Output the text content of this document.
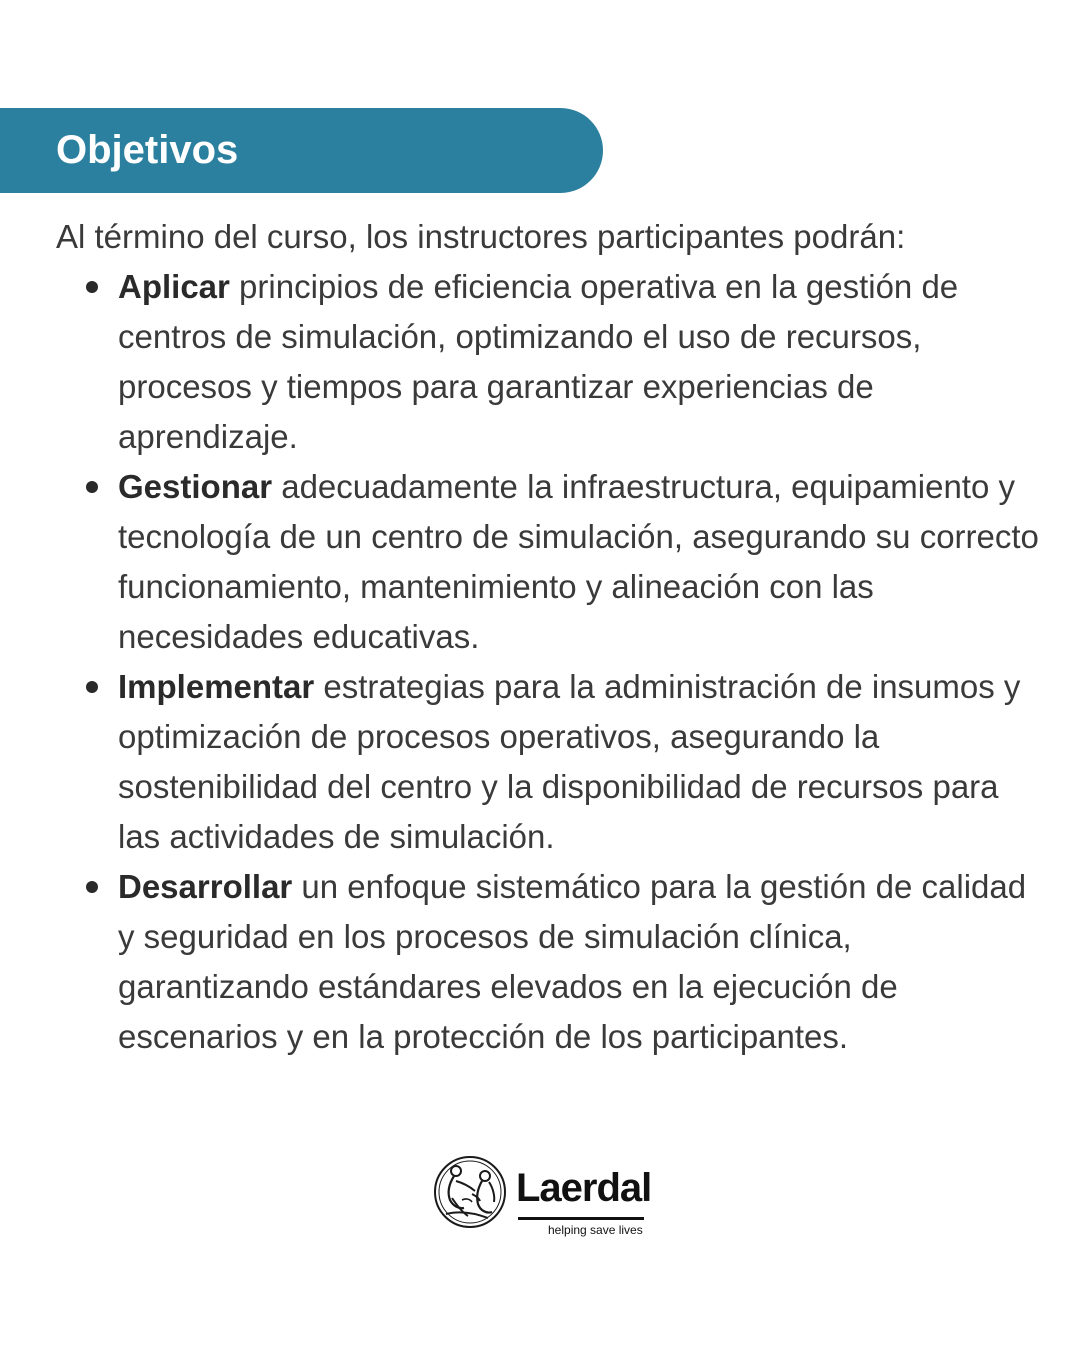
Objetivos

Al término del curso, los instructores participantes podrán:

Aplicar principios de eficiencia operativa en la gestión de centros de simulación, optimizando el uso de recursos, procesos y tiempos para garantizar experiencias de aprendizaje.
Gestionar adecuadamente la infraestructura, equipamiento y tecnología de un centro de simulación, asegurando su correcto funcionamiento, mantenimiento y alineación con las necesidades educativas.
Implementar estrategias para la administración de insumos y optimización de procesos operativos, asegurando la sostenibilidad del centro y la disponibilidad de recursos para las actividades de simulación.
Desarrollar un enfoque sistemático para la gestión de calidad y seguridad en los procesos de simulación clínica, garantizando estándares elevados en la ejecución de escenarios y en la protección de los participantes.
Laerdal
helping save lives
